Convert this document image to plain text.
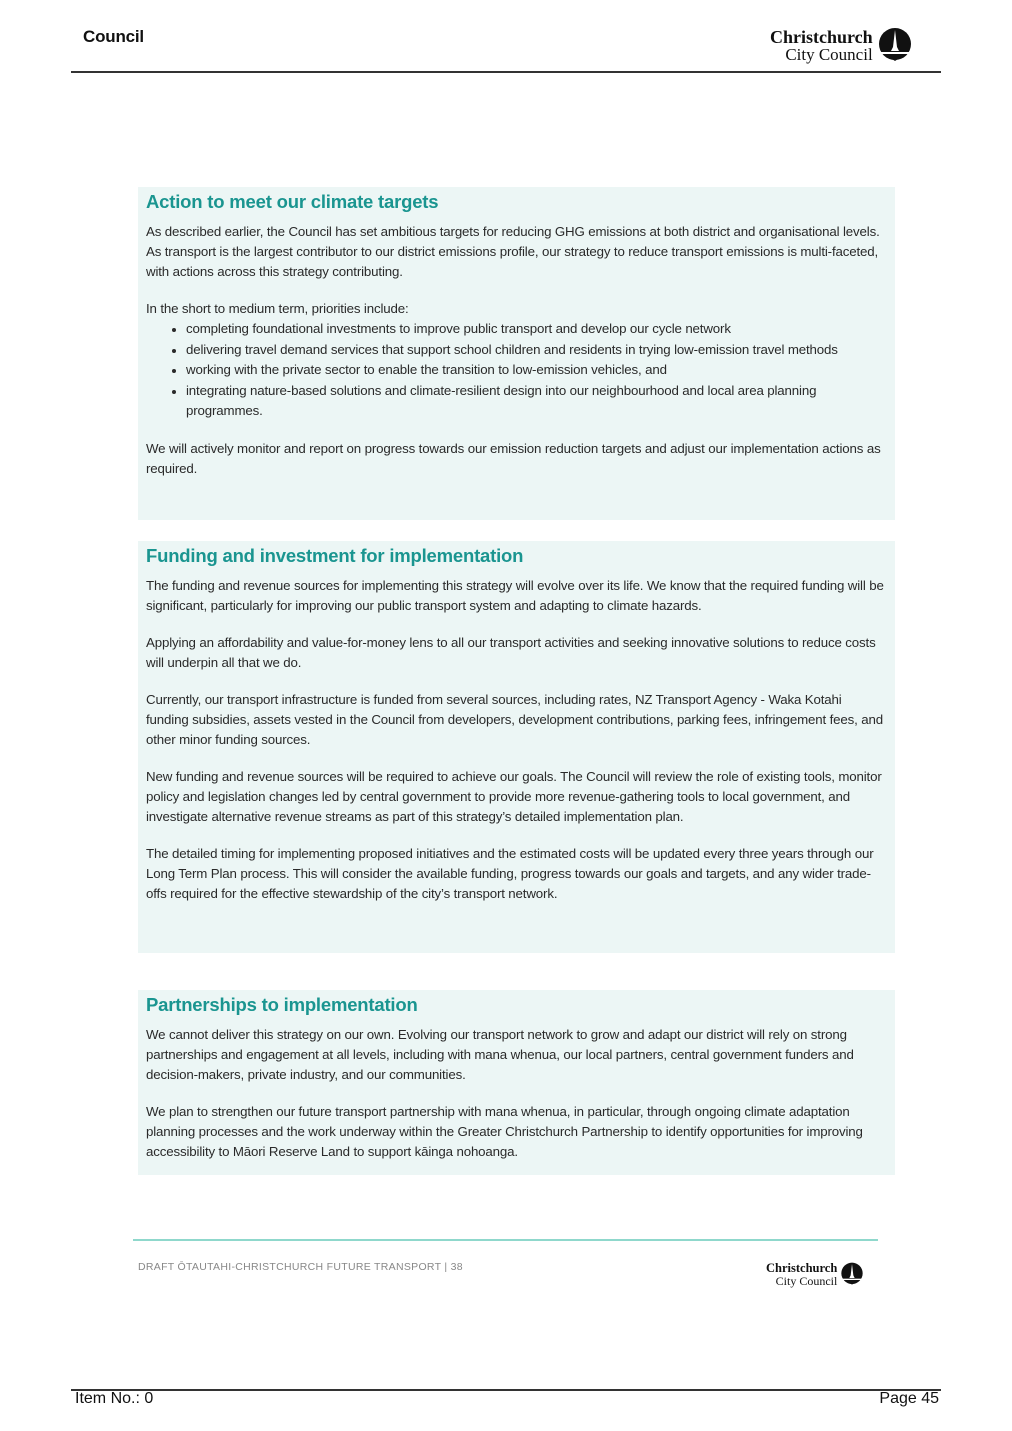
Council	Christchurch
City Council
Action to meet our climate targets

As described earlier, the Council has set ambitious targets for reducing GHG emissions at both district and organisational levels. As transport is the largest contributor to our district emissions profile, our strategy to reduce transport emissions is multi-faceted, with actions across this strategy contributing.

In the short to medium term, priorities include:

• completing foundational investments to improve public transport and develop our cycle network
• delivering travel demand services that support school children and residents in trying low-emission travel methods
• working with the private sector to enable the transition to low-emission vehicles, and
• integrating nature-based solutions and climate-resilient design into our neighbourhood and local area planning programmes.

We will actively monitor and report on progress towards our emission reduction targets and adjust our implementation actions as required.

Funding and investment for implementation

The funding and revenue sources for implementing this strategy will evolve over its life. We know that the required funding will be significant, particularly for improving our public transport system and adapting to climate hazards.

Applying an affordability and value-for-money lens to all our transport activities and seeking innovative solutions to reduce costs will underpin all that we do.

Currently, our transport infrastructure is funded from several sources, including rates, NZ Transport Agency - Waka Kotahi funding subsidies, assets vested in the Council from developers, development contributions, parking fees, infringement fees, and other minor funding sources.

New funding and revenue sources will be required to achieve our goals. The Council will review the role of existing tools, monitor policy and legislation changes led by central government to provide more revenue-gathering tools to local government, and investigate alternative revenue streams as part of this strategy’s detailed implementation plan.

The detailed timing for implementing proposed initiatives and the estimated costs will be updated every three years through our Long Term Plan process. This will consider the available funding, progress towards our goals and targets, and any wider trade-offs required for the effective stewardship of the city’s transport network.

Partnerships to implementation

We cannot deliver this strategy on our own. Evolving our transport network to grow and adapt our district will rely on strong partnerships and engagement at all levels, including with mana whenua, our local partners, central government funders and decision-makers, private industry, and our communities.

We plan to strengthen our future transport partnership with mana whenua, in particular, through ongoing climate adaptation planning processes and the work underway within the Greater Christchurch Partnership to identify opportunities for improving accessibility to Māori Reserve Land to support kāinga nohoanga.

DRAFT ŌTAUTAHI-CHRISTCHURCH FUTURE TRANSPORT | 38	Christchurch
City Council
Item No.: 0	Page 45
